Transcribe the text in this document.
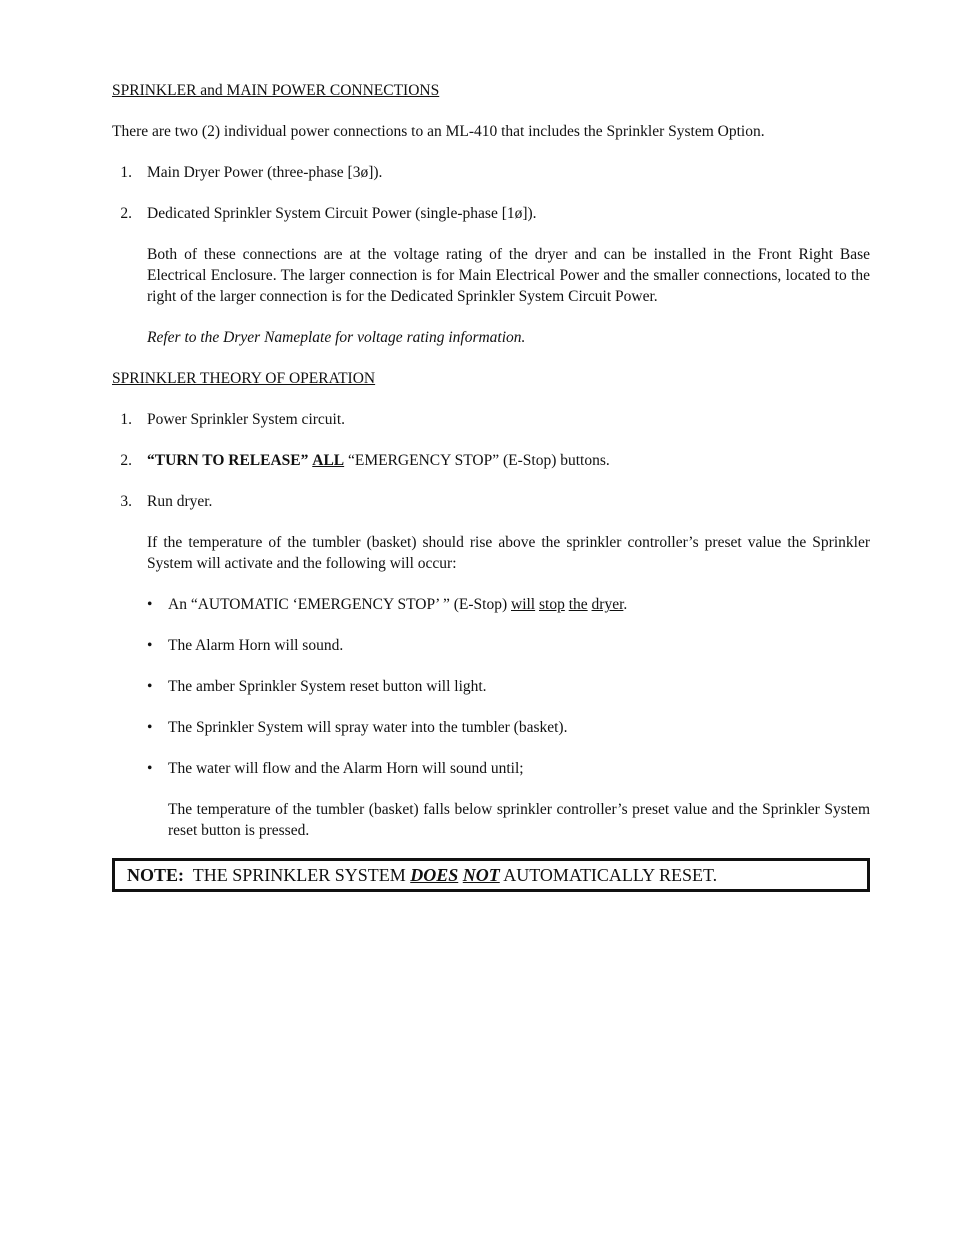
SPRINKLER and MAIN POWER CONNECTIONS

There are two (2) individual power connections to an ML-410 that includes the Sprinkler System Option.

1. Main Dryer Power (three-phase [3ø]).
2. Dedicated Sprinkler System Circuit Power (single-phase [1ø]).
Both of these connections are at the voltage rating of the dryer and can be installed in the Front Right Base Electrical Enclosure. The larger connection is for Main Electrical Power and the smaller connections, located to the right of the larger connection is for the Dedicated Sprinkler System Circuit Power.
Refer to the Dryer Nameplate for voltage rating information.
SPRINKLER THEORY OF OPERATION
1. Power Sprinkler System circuit.
2. “TURN TO RELEASE” ALL “EMERGENCY STOP” (E-Stop) buttons.
3. Run dryer.
If the temperature of the tumbler (basket) should rise above the sprinkler controller’s preset value the Sprinkler System will activate and the following will occur:
• An “AUTOMATIC ‘EMERGENCY STOP’ ” (E-Stop) will stop the dryer.
• The Alarm Horn will sound.
• The amber Sprinkler System reset button will light.
• The Sprinkler System will spray water into the tumbler (basket).
• The water will flow and the Alarm Horn will sound until;
The temperature of the tumbler (basket) falls below sprinkler controller’s preset value and the Sprinkler System reset button is pressed.
NOTE: THE SPRINKLER SYSTEM DOES NOT AUTOMATICALLY RESET.
